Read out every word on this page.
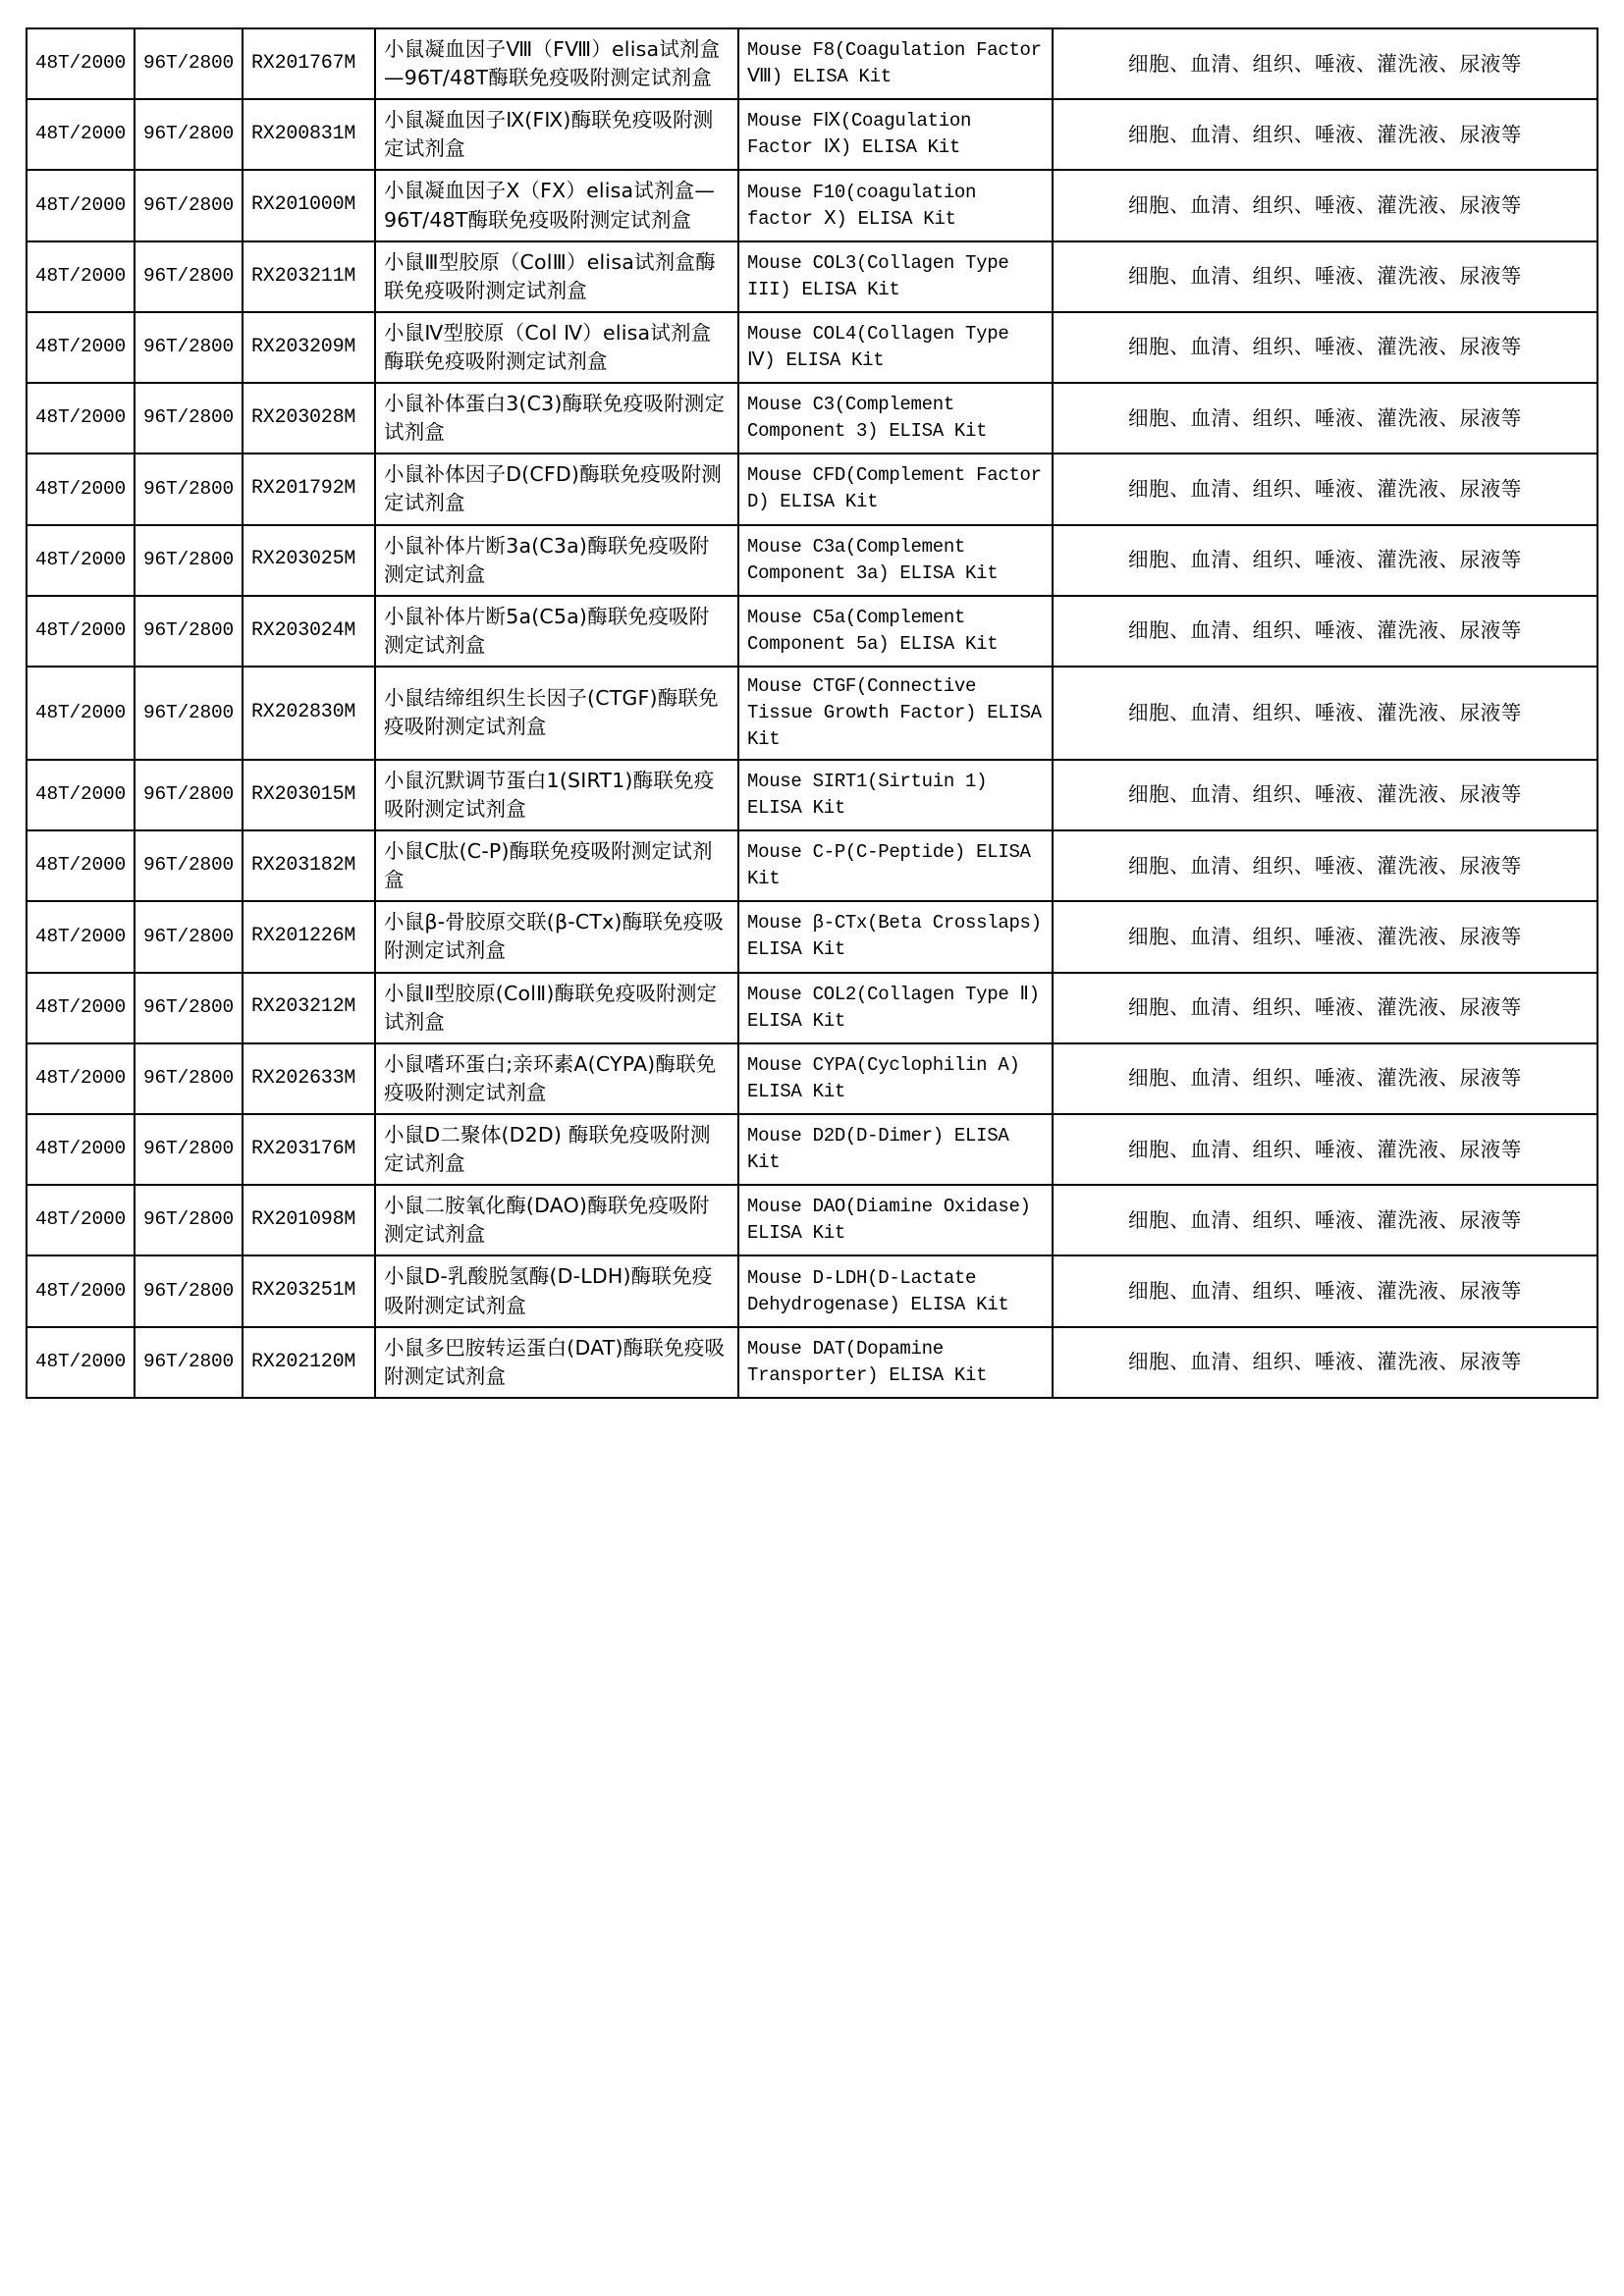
48T/2000	96T/2800	RX201767M	小鼠凝血因子Ⅷ（FⅧ）elisa试剂盒—96T/48T酶联免疫吸附测定试剂盒	Mouse F8(Coagulation Factor Ⅷ) ELISA Kit	细胞、血清、组织、唾液、灌洗液、尿液等
48T/2000	96T/2800	RX200831M	小鼠凝血因子Ⅸ(FⅨ)酶联免疫吸附测定试剂盒	Mouse FⅨ(Coagulation Factor Ⅸ) ELISA Kit	细胞、血清、组织、唾液、灌洗液、尿液等
48T/2000	96T/2800	RX201000M	小鼠凝血因子Ⅹ（FⅩ）elisa试剂盒—96T/48T酶联免疫吸附测定试剂盒	Mouse F10(coagulation factor Ⅹ) ELISA Kit	细胞、血清、组织、唾液、灌洗液、尿液等
48T/2000	96T/2800	RX203211M	小鼠Ⅲ型胶原（ColⅢ）elisa试剂盒酶联免疫吸附测定试剂盒	Mouse COL3(Collagen Type III) ELISA Kit	细胞、血清、组织、唾液、灌洗液、尿液等
48T/2000	96T/2800	RX203209M	小鼠Ⅳ型胶原（Col Ⅳ）elisa试剂盒酶联免疫吸附测定试剂盒	Mouse COL4(Collagen Type Ⅳ) ELISA Kit	细胞、血清、组织、唾液、灌洗液、尿液等
48T/2000	96T/2800	RX203028M	小鼠补体蛋白3(C3)酶联免疫吸附测定试剂盒	Mouse C3(Complement Component 3) ELISA Kit	细胞、血清、组织、唾液、灌洗液、尿液等
48T/2000	96T/2800	RX201792M	小鼠补体因子D(CFD)酶联免疫吸附测定试剂盒	Mouse CFD(Complement Factor D) ELISA Kit	细胞、血清、组织、唾液、灌洗液、尿液等
48T/2000	96T/2800	RX203025M	小鼠补体片断3a(C3a)酶联免疫吸附测定试剂盒	Mouse C3a(Complement Component 3a) ELISA Kit	细胞、血清、组织、唾液、灌洗液、尿液等
48T/2000	96T/2800	RX203024M	小鼠补体片断5a(C5a)酶联免疫吸附测定试剂盒	Mouse C5a(Complement Component 5a) ELISA Kit	细胞、血清、组织、唾液、灌洗液、尿液等
48T/2000	96T/2800	RX202830M	小鼠结缔组织生长因子(CTGF)酶联免疫吸附测定试剂盒	Mouse CTGF(Connective Tissue Growth Factor) ELISA Kit	细胞、血清、组织、唾液、灌洗液、尿液等
48T/2000	96T/2800	RX203015M	小鼠沉默调节蛋白1(SIRT1)酶联免疫吸附测定试剂盒	Mouse SIRT1(Sirtuin 1) ELISA Kit	细胞、血清、组织、唾液、灌洗液、尿液等
48T/2000	96T/2800	RX203182M	小鼠C肽(C-P)酶联免疫吸附测定试剂盒	Mouse C-P(C-Peptide) ELISA Kit	细胞、血清、组织、唾液、灌洗液、尿液等
48T/2000	96T/2800	RX201226M	小鼠β-骨胶原交联(β-CTx)酶联免疫吸附测定试剂盒	Mouse β-CTx(Beta Crosslaps) ELISA Kit	细胞、血清、组织、唾液、灌洗液、尿液等
48T/2000	96T/2800	RX203212M	小鼠Ⅱ型胶原(ColⅡ)酶联免疫吸附测定试剂盒	Mouse COL2(Collagen Type Ⅱ) ELISA Kit	细胞、血清、组织、唾液、灌洗液、尿液等
48T/2000	96T/2800	RX202633M	小鼠嗜环蛋白;亲环素A(CYPA)酶联免疫吸附测定试剂盒	Mouse CYPA(Cyclophilin A) ELISA Kit	细胞、血清、组织、唾液、灌洗液、尿液等
48T/2000	96T/2800	RX203176M	小鼠D二聚体(D2D) 酶联免疫吸附测定试剂盒	Mouse D2D(D-Dimer) ELISA Kit	细胞、血清、组织、唾液、灌洗液、尿液等
48T/2000	96T/2800	RX201098M	小鼠二胺氧化酶(DAO)酶联免疫吸附测定试剂盒	Mouse DAO(Diamine Oxidase) ELISA Kit	细胞、血清、组织、唾液、灌洗液、尿液等
48T/2000	96T/2800	RX203251M	小鼠D-乳酸脱氢酶(D-LDH)酶联免疫吸附测定试剂盒	Mouse D-LDH(D-Lactate Dehydrogenase) ELISA Kit	细胞、血清、组织、唾液、灌洗液、尿液等
48T/2000	96T/2800	RX202120M	小鼠多巴胺转运蛋白(DAT)酶联免疫吸附测定试剂盒	Mouse DAT(Dopamine Transporter) ELISA Kit	细胞、血清、组织、唾液、灌洗液、尿液等
